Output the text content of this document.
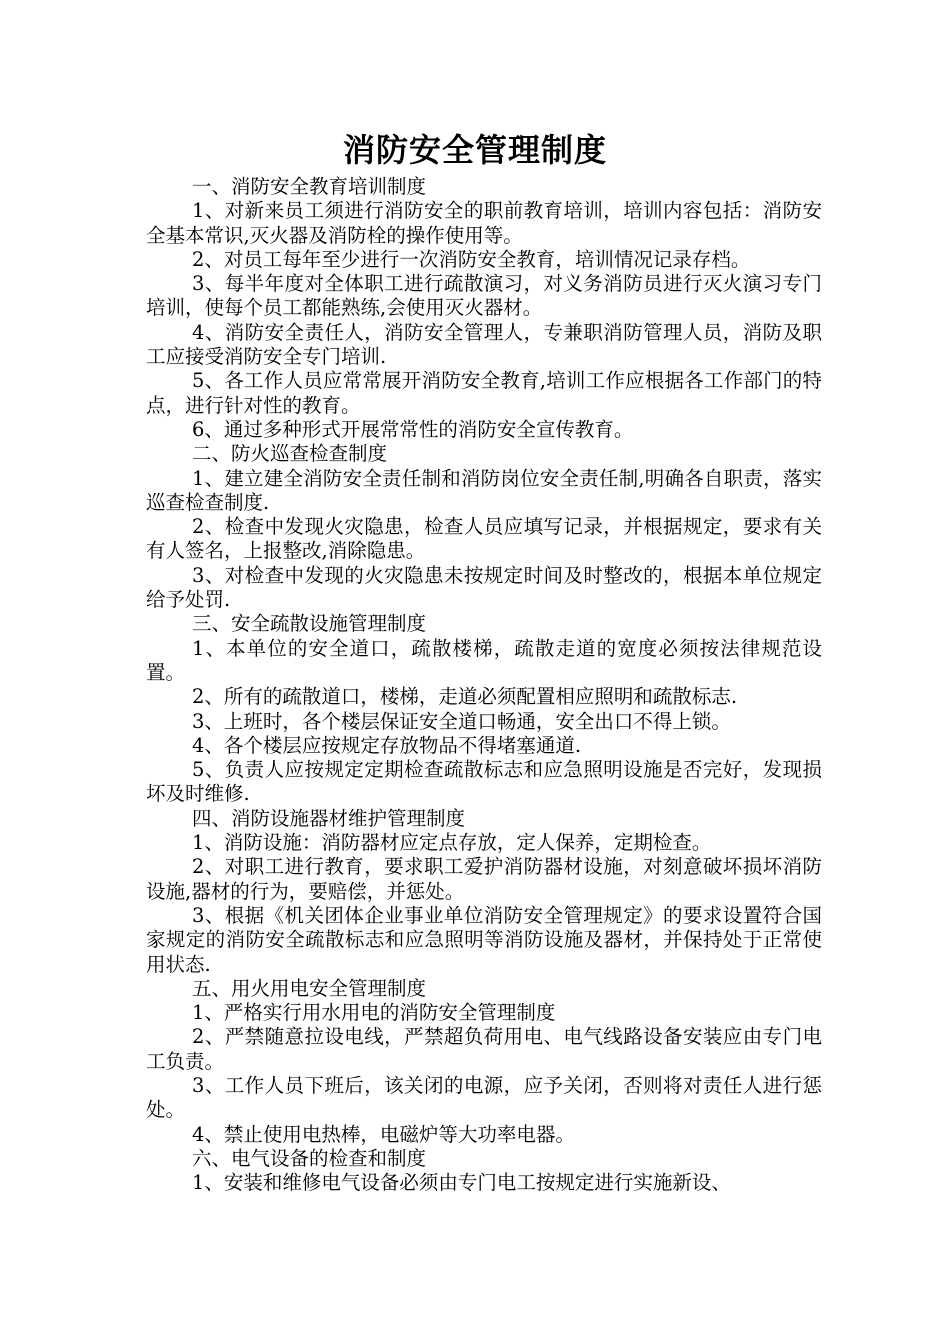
消防安全管理制度

一、消防安全教育培训制度

1、对新来员工须进行消防安全的职前教育培训，培训内容包括：消防安全基本常识,灭火器及消防栓的操作使用等。

2、对员工每年至少进行一次消防安全教育，培训情况记录存档。

3、每半年度对全体职工进行疏散演习，对义务消防员进行灭火演习专门培训，使每个员工都能熟练,会使用灭火器材。

4、消防安全责任人，消防安全管理人，专兼职消防管理人员，消防及职工应接受消防安全专门培训.

5、各工作人员应常常展开消防安全教育,培训工作应根据各工作部门的特点，进行针对性的教育。

6、通过多种形式开展常常性的消防安全宣传教育。

二、防火巡查检查制度

1、建立建全消防安全责任制和消防岗位安全责任制,明确各自职责，落实巡查检查制度.

2、检查中发现火灾隐患，检查人员应填写记录，并根据规定，要求有关有人签名，上报整改,消除隐患。

3、对检查中发现的火灾隐患未按规定时间及时整改的，根据本单位规定给予处罚.

三、安全疏散设施管理制度

1、本单位的安全道口，疏散楼梯，疏散走道的宽度必须按法律规范设置。

2、所有的疏散道口，楼梯，走道必须配置相应照明和疏散标志.

3、上班时，各个楼层保证安全道口畅通，安全出口不得上锁。

4、各个楼层应按规定存放物品不得堵塞通道.

5、负责人应按规定定期检查疏散标志和应急照明设施是否完好，发现损坏及时维修.

四、消防设施器材维护管理制度

1、消防设施：消防器材应定点存放，定人保养，定期检查。

2、对职工进行教育，要求职工爱护消防器材设施，对刻意破坏损坏消防设施,器材的行为，要赔偿，并惩处。

3、根据《机关团体企业事业单位消防安全管理规定》的要求设置符合国家规定的消防安全疏散标志和应急照明等消防设施及器材，并保持处于正常使用状态.

五、用火用电安全管理制度

1、严格实行用水用电的消防安全管理制度

2、严禁随意拉设电线，严禁超负荷用电、电气线路设备安装应由专门电工负责。

3、工作人员下班后，该关闭的电源，应予关闭，否则将对责任人进行惩处。

4、禁止使用电热棒，电磁炉等大功率电器。

六、电气设备的检查和制度

1、安装和维修电气设备必须由专门电工按规定进行实施新设、
